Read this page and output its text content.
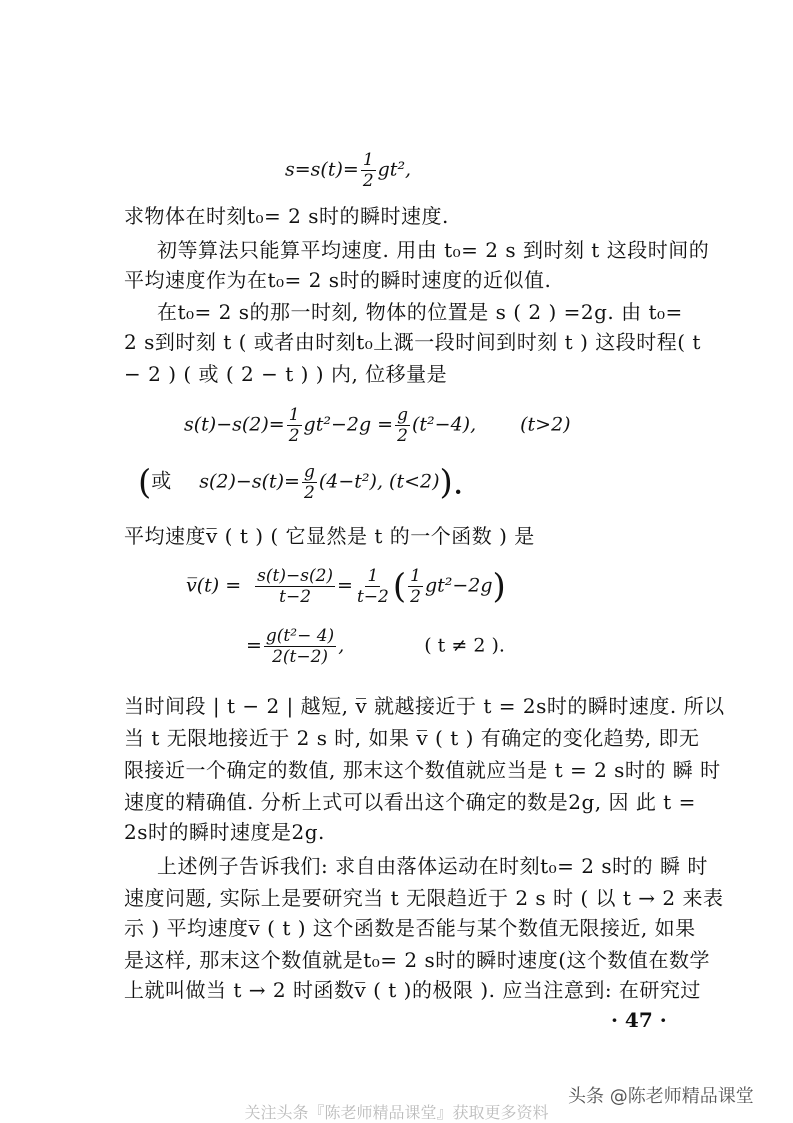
$s=s(t)= \frac{1}{2} gt^2$,
求物体在时刻t₀= 2 s时的瞬时速度.
初等算法只能算平均速度. 用由 t₀= 2 s 到时刻 t 这段时间的
平均速度作为在t₀= 2 s时的瞬时速度的近似值.
在t₀= 2 s的那一时刻, 物体的位置是 s ( 2 ) =2g. 由 t₀=
2 s到时刻 t ( 或者由时刻t₀上溉一段时间到时刻 t ) 这段时程( t
− 2 ) ( 或 ( 2 − t ) ) 内, 位移量是
$s(t)-s(2)= \frac{1}{2} gt^2-2g = \frac{g}{2} (t^2-4)$, (t>2)
(或 $s(2)-s(t)= \frac{g}{2} (4-t^2)$, (t<2)).
平均速度v̅ ( t ) ( 它显然是 t 的一个函数 ) 是
v̅(t) = $\frac{s(t)-s(2)}{t-2} = \frac{1}{t-2}$ ( $\frac{1}{2} gt^2-2g$)
= $\frac{\text{g(t²− 4)}}{2(t-2)}$ ,	( t ≠ 2 ).
当时间段 | t − 2 | 越短, v̅ 就越接近于 t = 2s时的瞬时速度. 所以
当 t 无限地接近于 2 s 时, 如果 v̅ ( t ) 有确定的变化趋势, 即无
限接近一个确定的数值, 那末这个数值就应当是 t = 2 s时的 瞬 时
速度的精确值. 分析上式可以看出这个确定的数是2g, 因 此 t =
2s时的瞬时速度是2g.
上述例子告诉我们: 求自由落体运动在时刻t₀= 2 s时的 瞬 时
速度问题, 实际上是要研究当 t 无限趋近于 2 s 时 ( 以 t → 2 来表
示 ) 平均速度v̅ ( t ) 这个函数是否能与某个数值无限接近, 如果
是这样, 那末这个数值就是t₀= 2 s时的瞬时速度(这个数值在数学
上就叫做当 t → 2 时函数v̅ ( t )的极限 ). 应当注意到: 在研究过
· 47 ·
头条 @陈老师精品课堂
关注头条『陈老师精品课堂』获取更多资料
